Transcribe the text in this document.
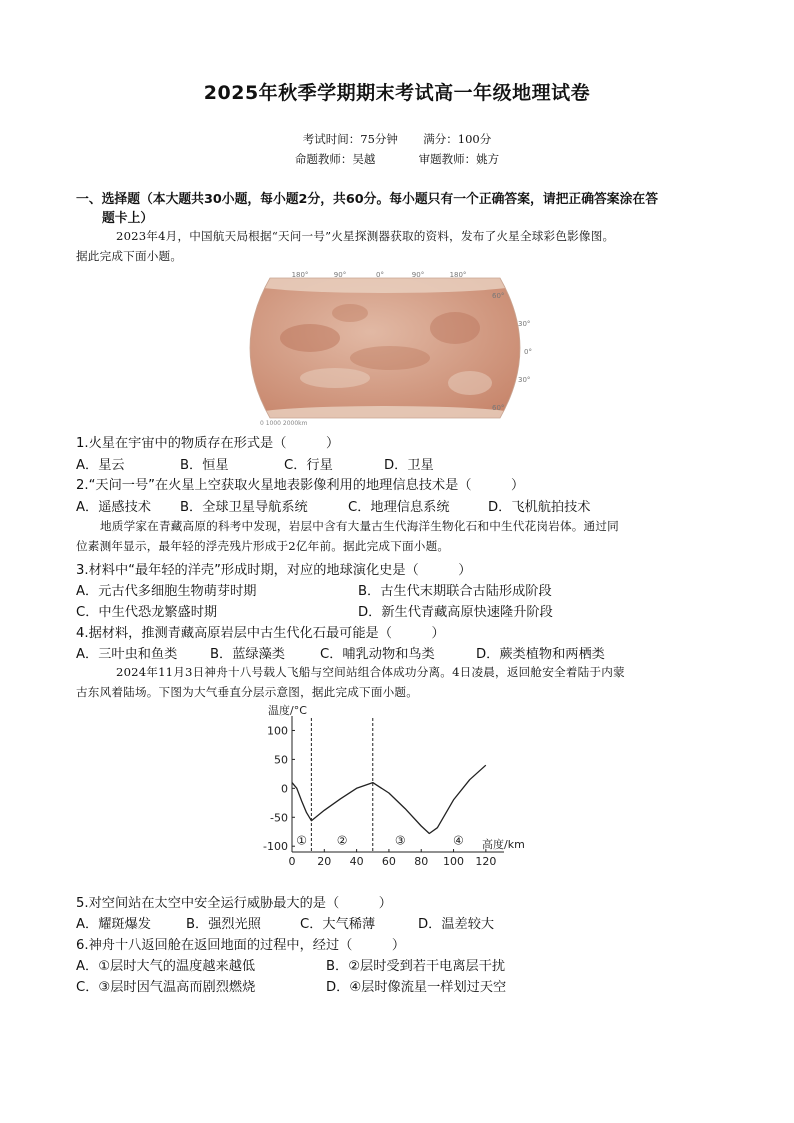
2025年秋季学期期末考试高一年级地理试卷
考试时间：75分钟 满分：100分
命题教师：吴越	审题教师：姚方
一、选择题（本大题共30小题，每小题2分，共60分。每小题只有一个正确答案，请把正确答案涂在答
题卡上）
2023年4月，中国航天局根据“天问一号”火星探测器获取的资料，发布了火星全球彩色影像图。
据此完成下面小题。
180°	90°	0°	90°	180°
60°
30°
0°
30°
60°
0 1000 2000km
1.火星在宇宙中的物质存在形式是（　　　）
A．星云	B．恒星	C．行星	D．卫星
2.“天问一号”在火星上空获取火星地表影像利用的地理信息技术是（　　　）
A．遥感技术 B．全球卫星导航系统	C．地理信息系统	D．飞机航拍技术
地质学家在青藏高原的科考中发现，岩层中含有大量古生代海洋生物化石和中生代花岗岩体。通过同
位素测年显示，最年轻的浮壳残片形成于2亿年前。据此完成下面小题。
3.材料中“最年轻的洋壳”形成时期，对应的地球演化史是（　　　）
A．元古代多细胞生物萌芽时期	B．古生代末期联合古陆形成阶段
C．中生代恐龙繁盛时期	D．新生代青藏高原快速隆升阶段
4.据材料，推测青藏高原岩层中古生代化石最可能是（　　　）
A．三叶虫和鱼类 B．蓝绿藻类	C．哺乳动物和鸟类	D．蕨类植物和两栖类
2024年11月3日神舟十八号载人飞船与空间站组合体成功分离。4日凌晨，返回舱安全着陆于内蒙
古东风着陆场。下图为大气垂直分层示意图，据此完成下面小题。
温度/°C
高度/km
100
50
0
-50
-100
0 20 40 60 80 100 120
① ②	③	④
5.对空间站在太空中安全运行威胁最大的是（　　　）
A．耀斑爆发	B．强烈光照	C．大气稀薄	D．温差较大
6.神舟十八返回舱在返回地面的过程中，经过（　　　）
A．①层时大气的温度越来越低	B．②层时受到若干电离层干扰
C．③层时因气温高而剧烈燃烧	D．④层时像流星一样划过天空
